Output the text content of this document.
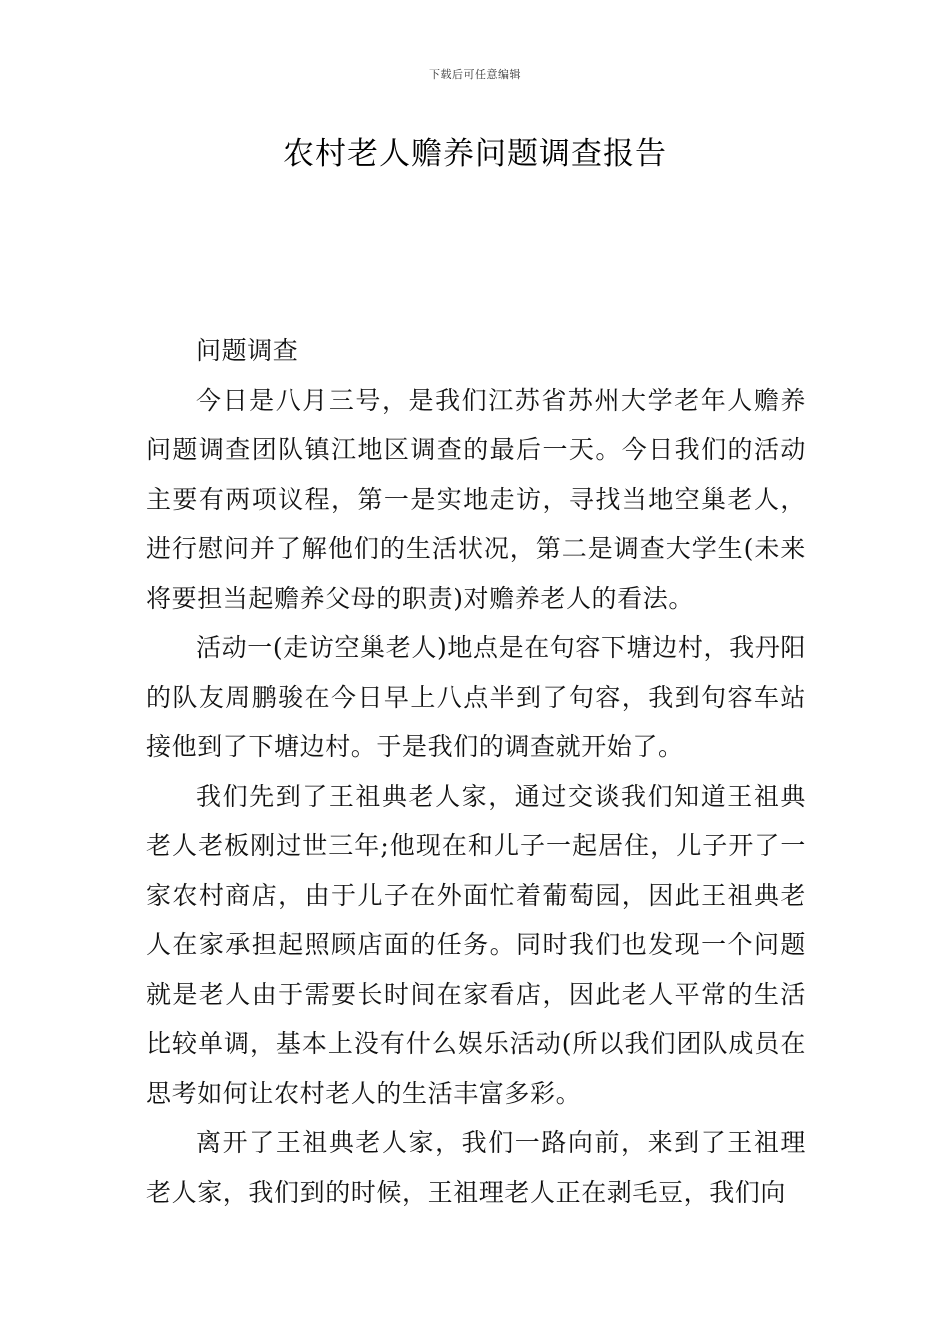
下载后可任意编辑
农村老人赡养问题调查报告

问题调查

今日是八月三号，是我们江苏省苏州大学老年人赡养问题调查团队镇江地区调查的最后一天。今日我们的活动主要有两项议程，第一是实地走访，寻找当地空巢老人，进行慰问并了解他们的生活状况，第二是调查大学生(未来将要担当起赡养父母的职责)对赡养老人的看法。

活动一(走访空巢老人)地点是在句容下塘边村，我丹阳的队友周鹏骏在今日早上八点半到了句容，我到句容车站接他到了下塘边村。于是我们的调查就开始了。

我们先到了王祖典老人家，通过交谈我们知道王祖典老人老板刚过世三年;他现在和儿子一起居住，儿子开了一家农村商店，由于儿子在外面忙着葡萄园，因此王祖典老人在家承担起照顾店面的任务。同时我们也发现一个问题就是老人由于需要长时间在家看店，因此老人平常的生活比较单调，基本上没有什么娱乐活动(所以我们团队成员在思考如何让农村老人的生活丰富多彩。

离开了王祖典老人家，我们一路向前，来到了王祖理老人家，我们到的时候，王祖理老人正在剥毛豆，我们向
